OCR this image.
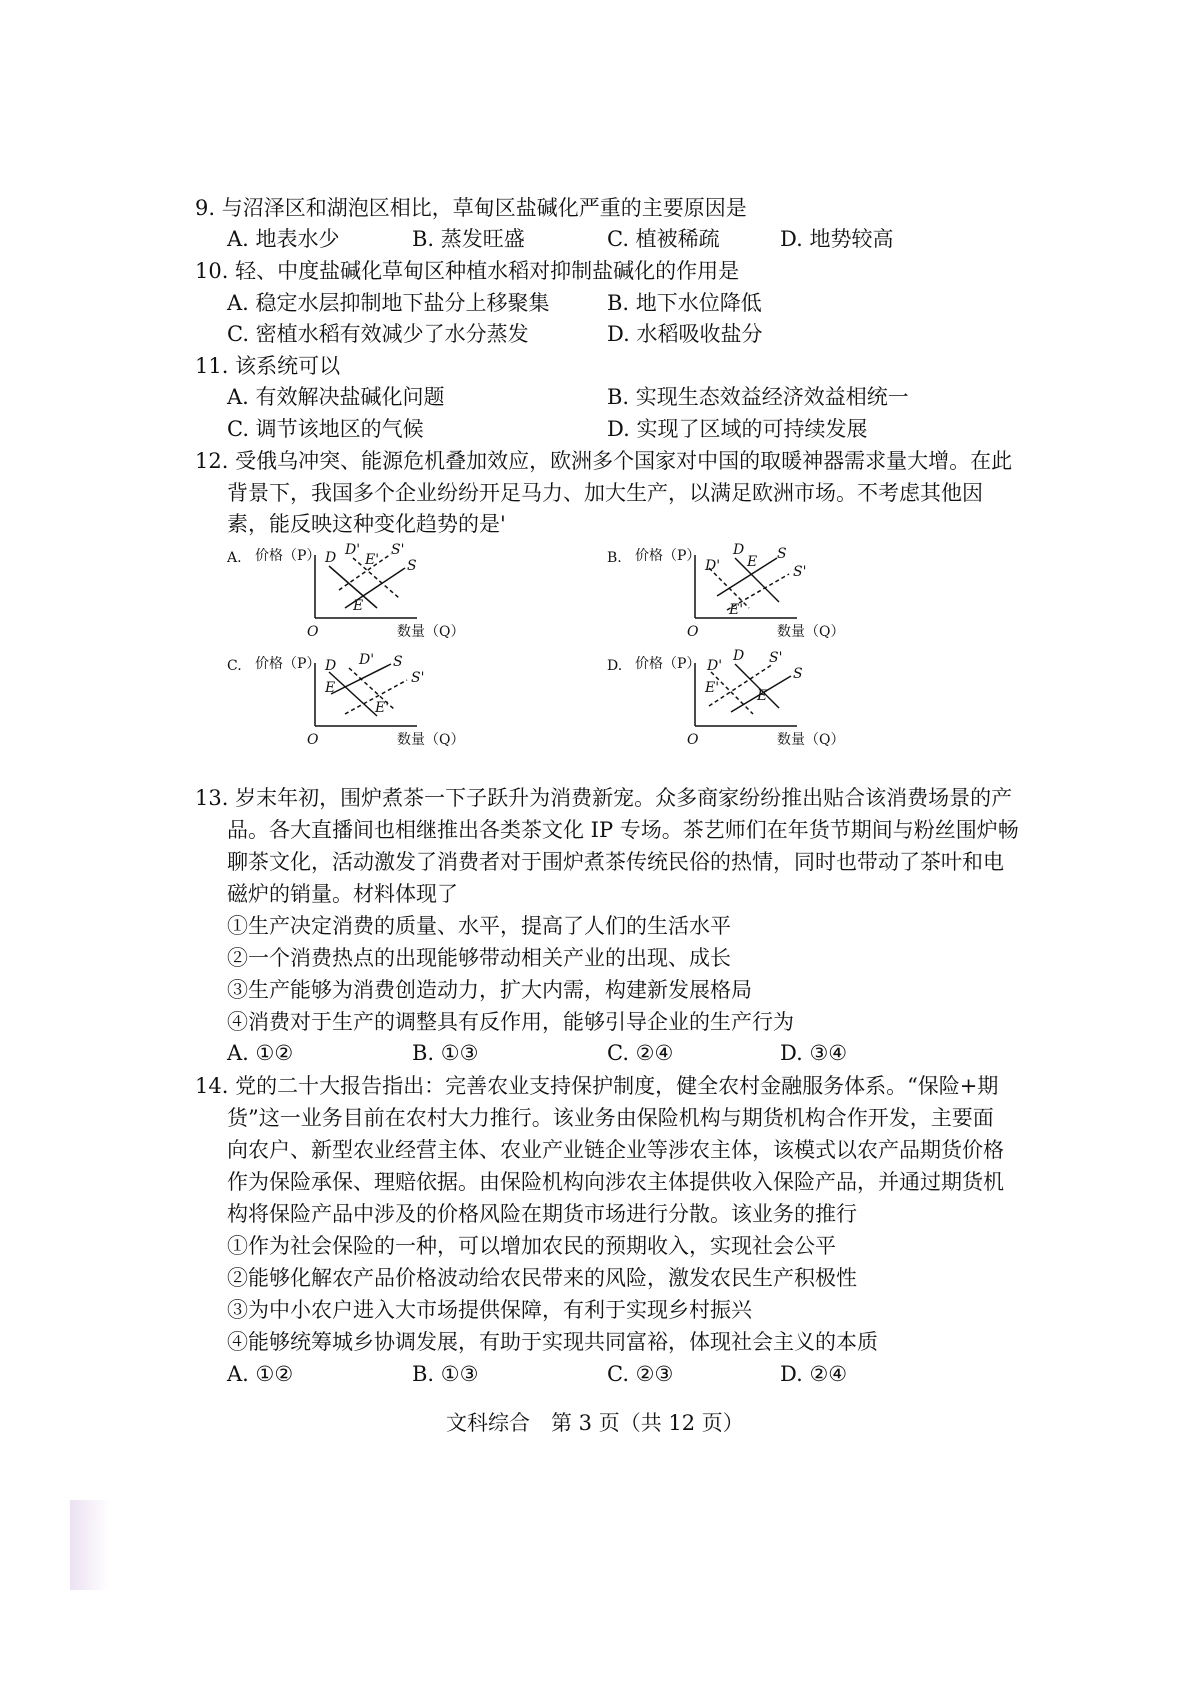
9. 与沼泽区和湖泡区相比，草甸区盐碱化严重的主要原因是
A. 地表水少	B. 蒸发旺盛	C. 植被稀疏	D. 地势较高
10. 轻、中度盐碱化草甸区种植水稻对抑制盐碱化的作用是
A. 稳定水层抑制地下盐分上移聚集	B. 地下水位降低
C. 密植水稻有效减少了水分蒸发	D. 水稻吸收盐分
11. 该系统可以
A. 有效解决盐碱化问题	B. 实现生态效益经济效益相统一
C. 调节该地区的气候	D. 实现了区域的可持续发展
12. 受俄乌冲突、能源危机叠加效应，欧洲多个国家对中国的取暖神器需求量大增。在此
背景下，我国多个企业纷纷开足马力、加大生产，以满足欧洲市场。不考虑其他因
素，能反映这种变化趋势的是'
A. 价格（P）
O	数量（Q）
D D'
E'
S'
S
E
B. 价格（P）
O	数量（Q）
D
D' E S
S'
E'
C. 价格（P）
O	数量（Q）
D D' S
E
S'
E'
D. 价格（P）
O	数量（Q）
D'
D S'
S
E'	E
13. 岁末年初，围炉煮茶一下子跃升为消费新宠。众多商家纷纷推出贴合该消费场景的产
品。各大直播间也相继推出各类茶文化 IP 专场。茶艺师们在年货节期间与粉丝围炉畅
聊茶文化，活动激发了消费者对于围炉煮茶传统民俗的热情，同时也带动了茶叶和电
磁炉的销量。材料体现了
①生产决定消费的质量、水平，提高了人们的生活水平
②一个消费热点的出现能够带动相关产业的出现、成长
③生产能够为消费创造动力，扩大内需，构建新发展格局
④消费对于生产的调整具有反作用，能够引导企业的生产行为
A. ①②	B. ①③	C. ②④	D. ③④
14. 党的二十大报告指出：完善农业支持保护制度，健全农村金融服务体系。“保险+期
货”这一业务目前在农村大力推行。该业务由保险机构与期货机构合作开发，主要面
向农户、新型农业经营主体、农业产业链企业等涉农主体，该模式以农产品期货价格
作为保险承保、理赔依据。由保险机构向涉农主体提供收入保险产品，并通过期货机
构将保险产品中涉及的价格风险在期货市场进行分散。该业务的推行
①作为社会保险的一种，可以增加农民的预期收入，实现社会公平
②能够化解农产品价格波动给农民带来的风险，激发农民生产积极性
③为中小农户进入大市场提供保障，有利于实现乡村振兴
④能够统筹城乡协调发展，有助于实现共同富裕，体现社会主义的本质
A. ①②	B. ①③	C. ②③	D. ②④
文科综合　第 3 页（共 12 页）
